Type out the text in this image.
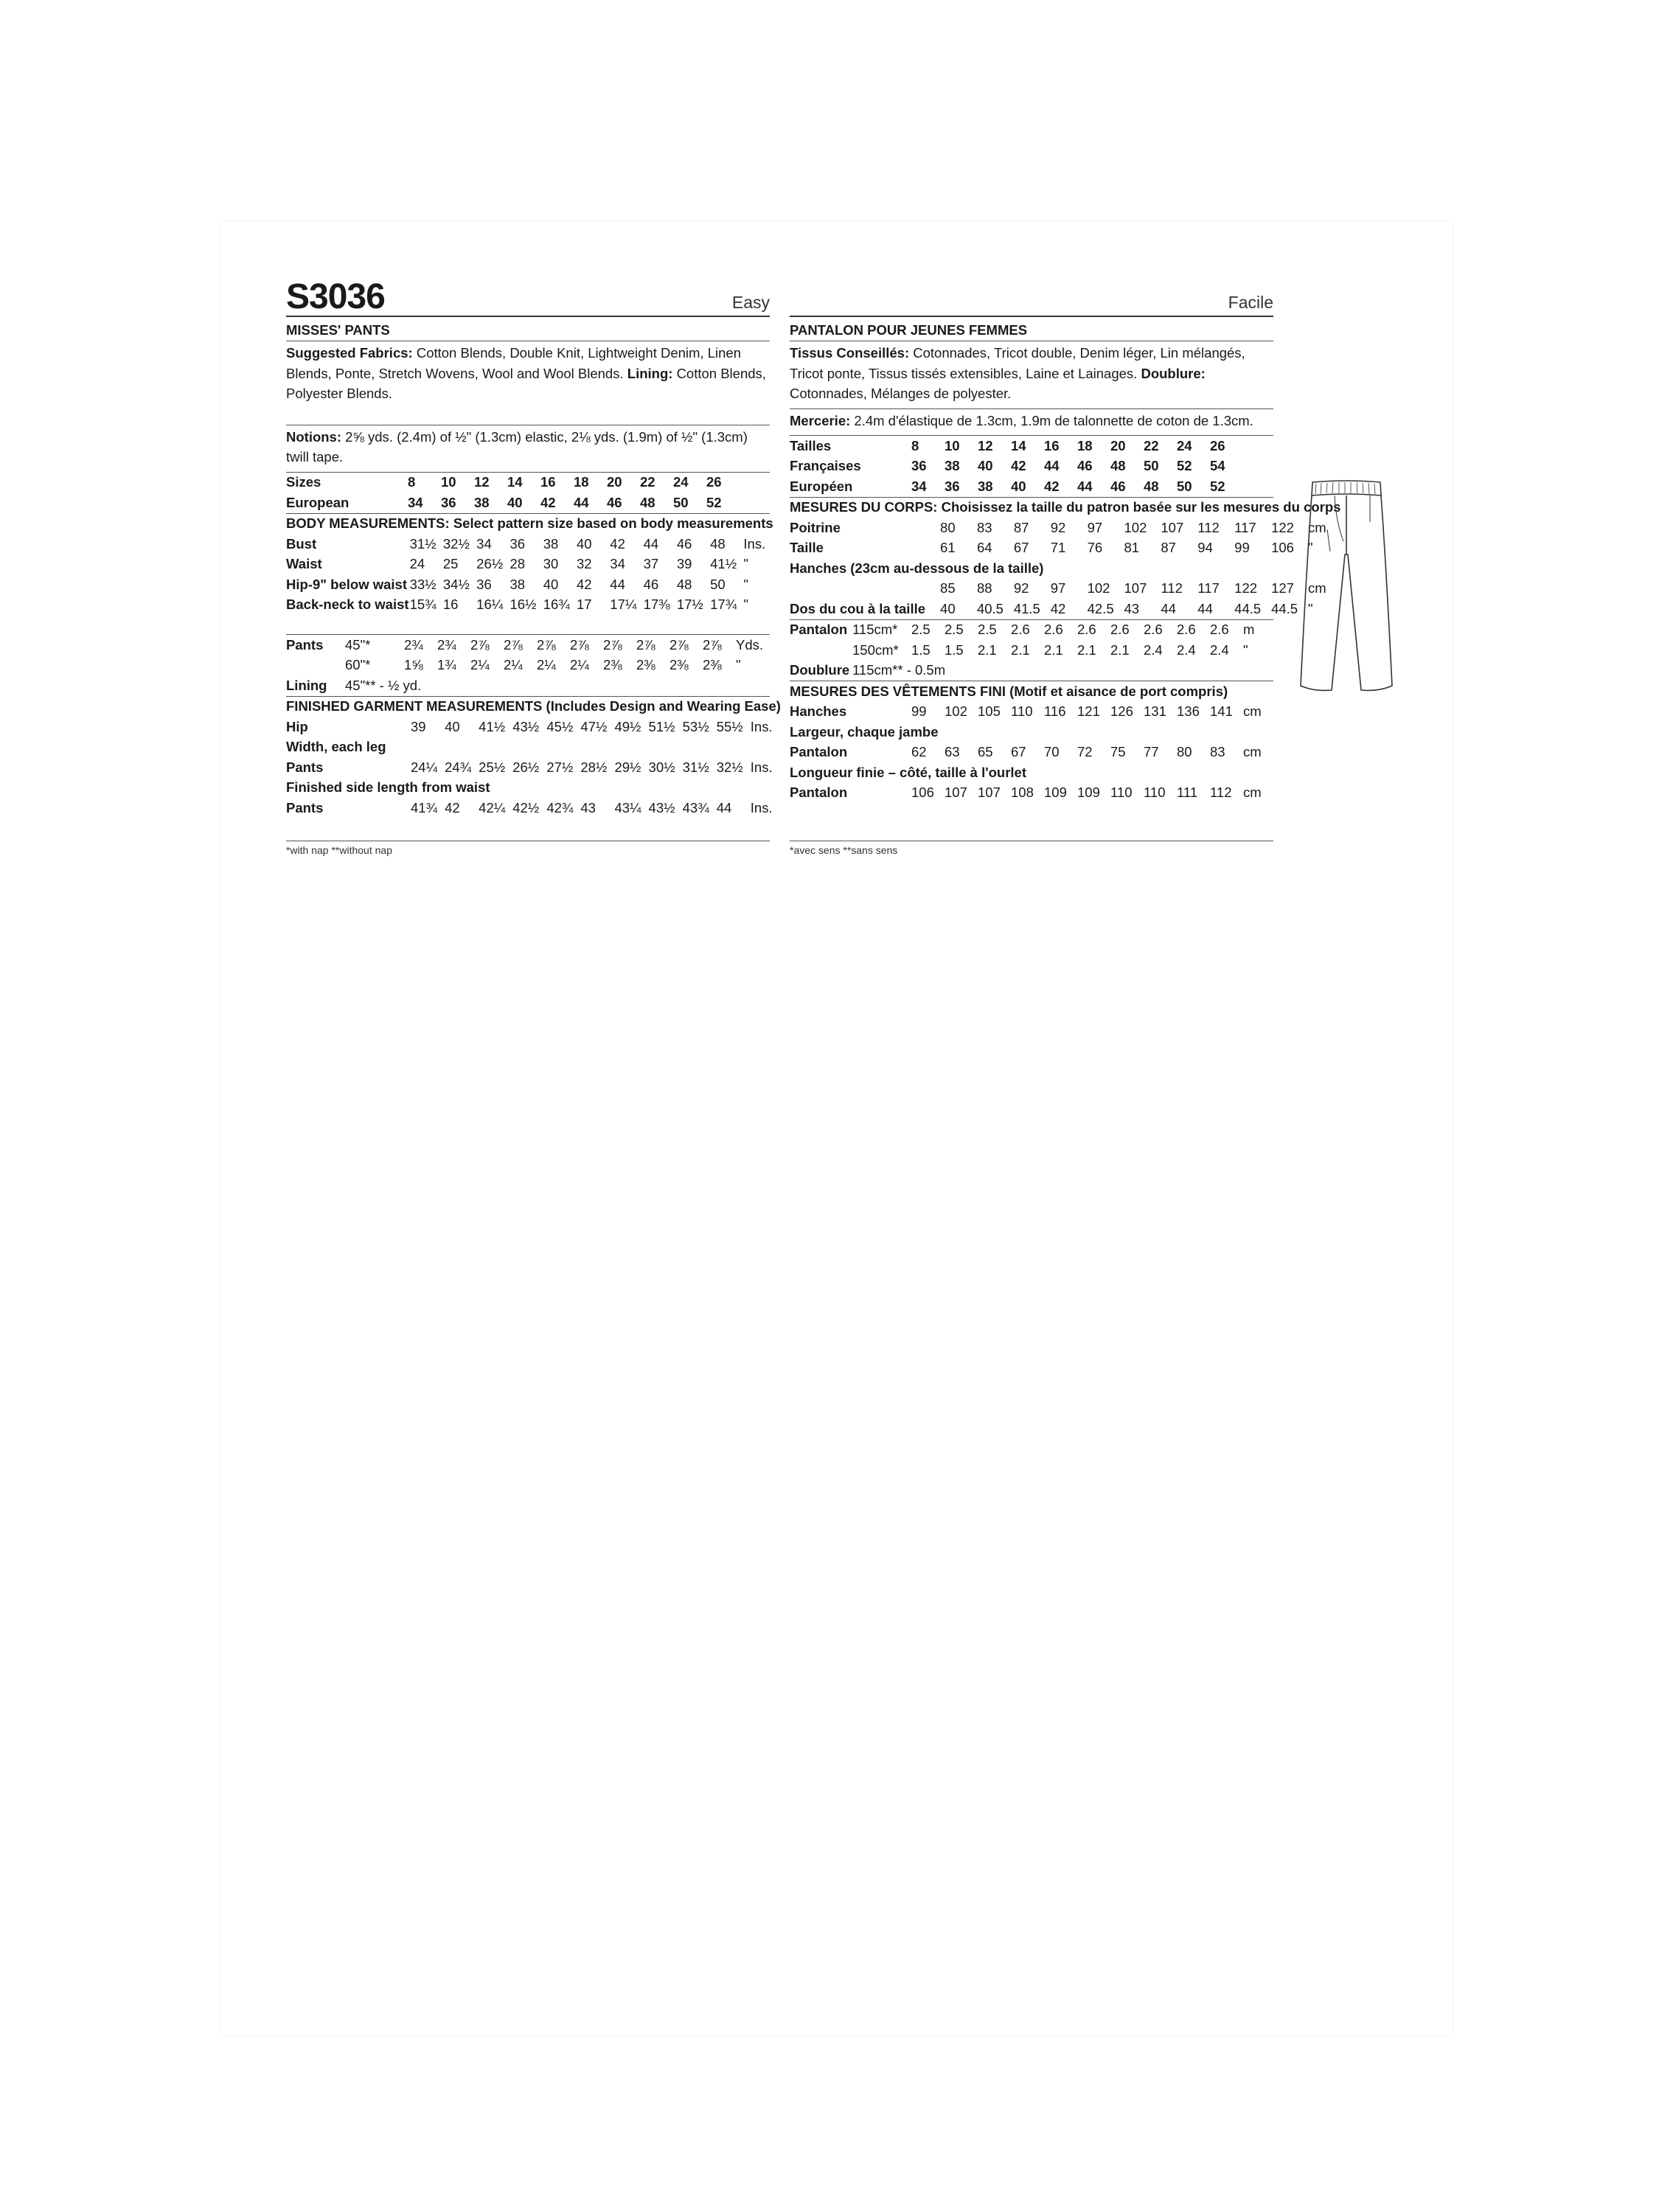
S3036	Easy
MISSES' PANTS
Suggested Fabrics: Cotton Blends, Double Knit, Lightweight Denim, Linen Blends, Ponte, Stretch Wovens, Wool and Wool Blends. Lining: Cotton Blends, Polyester Blends.
Notions: 2⅝ yds. (2.4m) of ½" (1.3cm) elastic, 2⅛ yds. (1.9m) of ½" (1.3cm) twill tape.
Sizes	8	10	12	14	16	18	20	22	24	26
European	34	36	38	40	42	44	46	48	50	52
BODY MEASUREMENTS: Select pattern size based on body measurements											
Bust	31½	32½	34	36	38	40	42	44	46	48	Ins.
Waist	24	25	26½	28	30	32	34	37	39	41½	"
Hip-9" below waist	33½	34½	36	38	40	42	44	46	48	50	"
Back-neck to waist	15¾	16	16¼	16½	16¾	17	17¼	17⅜	17½	17¾	"
Pants	45"*	2¾	2¾	2⅞	2⅞	2⅞	2⅞	2⅞	2⅞	2⅞	2⅞	Yds.
	60"*	1⅝	1¾	2¼	2¼	2¼	2¼	2⅜	2⅜	2⅜	2⅜	"
Lining	45"** - ½ yd.											
FINISHED GARMENT MEASUREMENTS (Includes Design and Wearing Ease)											
Hip	39	40	41½	43½	45½	47½	49½	51½	53½	55½	Ins.
Width, each leg											
Pants	24¼	24¾	25½	26½	27½	28½	29½	30½	31½	32½	Ins.
Finished side length from waist											
Pants	41¾	42	42¼	42½	42¾	43	43¼	43½	43¾	44	Ins.
Facile
PANTALON POUR JEUNES FEMMES
Tissus Conseillés: Cotonnades, Tricot double, Denim léger, Lin mélangés, Tricot ponte, Tissus tissés extensibles, Laine et Lainages. Doublure: Cotonnades, Mélanges de polyester.
Mercerie: 2.4m d'élastique de 1.3cm, 1.9m de talonnette de coton de 1.3cm.
Tailles	8	10	12	14	16	18	20	22	24	26
Françaises	36	38	40	42	44	46	48	50	52	54
Européen	34	36	38	40	42	44	46	48	50	52
MESURES DU CORPS: Choisissez la taille du patron basée sur les mesures du corps											
Poitrine	80	83	87	92	97	102	107	112	117	122	cm
Taille	61	64	67	71	76	81	87	94	99	106	"
Hanches (23cm au-dessous de la taille)											
	85	88	92	97	102	107	112	117	122	127	cm
Dos du cou à la taille	40	40.5	41.5	42	42.5	43	44	44	44.5	44.5	"
Pantalon	115cm*	2.5	2.5	2.5	2.6	2.6	2.6	2.6	2.6	2.6	2.6	m
	150cm*	1.5	1.5	2.1	2.1	2.1	2.1	2.1	2.4	2.4	2.4	"
Doublure	115cm** - 0.5m											
MESURES DES VÊTEMENTS FINI (Motif et aisance de port compris)											
Hanches	99	102	105	110	116	121	126	131	136	141	cm
Largeur, chaque jambe											
Pantalon	62	63	65	67	70	72	75	77	80	83	cm
Longueur finie – côté, taille à l'ourlet											
Pantalon	106	107	107	108	109	109	110	110	111	112	cm
*with nap **without nap	*avec sens **sans sens
